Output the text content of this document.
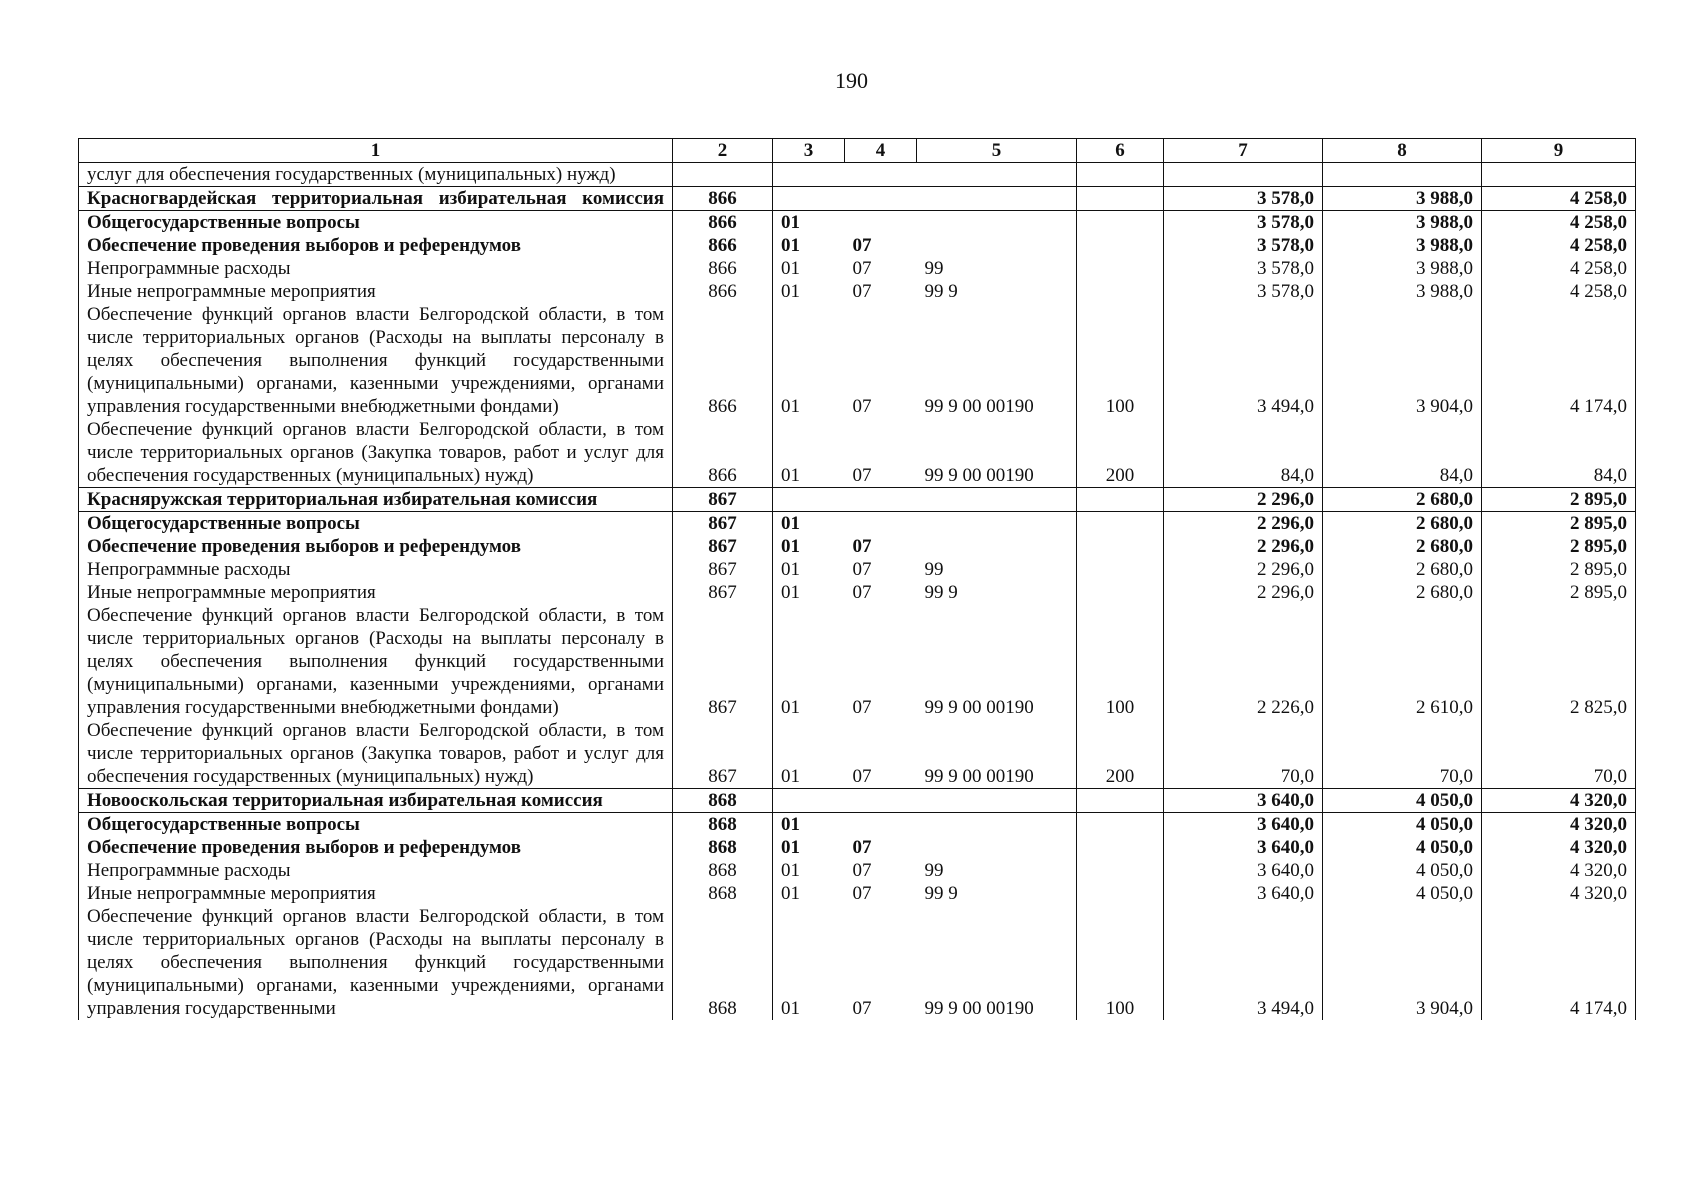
190
1	2	3	4	5	6	7	8	9
услуг для обеспечения государственных (муниципальных) нужд)								
Красногвардейская территориальная избирательная комиссия	866					3 578,0	3 988,0	4 258,0
Общегосударственные вопросы	866	01				3 578,0	3 988,0	4 258,0
Обеспечение проведения выборов и референдумов	866	01	07			3 578,0	3 988,0	4 258,0
Непрограммные расходы	866	01	07	99		3 578,0	3 988,0	4 258,0
Иные непрограммные мероприятия	866	01	07	99 9		3 578,0	3 988,0	4 258,0
Обеспечение функций органов власти Белгородской области, в том числе территориальных органов (Расходы на выплаты персоналу в целях обеспечения выполнения функций государственными (муниципальными) органами, казенными учреждениями, органами управления государственными внебюджетными фондами)	866	01	07	99 9 00 00190	100	3 494,0	3 904,0	4 174,0
Обеспечение функций органов власти Белгородской области, в том числе территориальных органов (Закупка товаров, работ и услуг для обеспечения государственных (муниципальных) нужд)	866	01	07	99 9 00 00190	200	84,0	84,0	84,0
Красняружская территориальная избирательная комиссия	867					2 296,0	2 680,0	2 895,0
Общегосударственные вопросы	867	01				2 296,0	2 680,0	2 895,0
Обеспечение проведения выборов и референдумов	867	01	07			2 296,0	2 680,0	2 895,0
Непрограммные расходы	867	01	07	99		2 296,0	2 680,0	2 895,0
Иные непрограммные мероприятия	867	01	07	99 9		2 296,0	2 680,0	2 895,0
Обеспечение функций органов власти Белгородской области, в том числе территориальных органов (Расходы на выплаты персоналу в целях обеспечения выполнения функций государственными (муниципальными) органами, казенными учреждениями, органами управления государственными внебюджетными фондами)	867	01	07	99 9 00 00190	100	2 226,0	2 610,0	2 825,0
Обеспечение функций органов власти Белгородской области, в том числе территориальных органов (Закупка товаров, работ и услуг для обеспечения государственных (муниципальных) нужд)	867	01	07	99 9 00 00190	200	70,0	70,0	70,0
Новооскольская территориальная избирательная комиссия	868					3 640,0	4 050,0	4 320,0
Общегосударственные вопросы	868	01				3 640,0	4 050,0	4 320,0
Обеспечение проведения выборов и референдумов	868	01	07			3 640,0	4 050,0	4 320,0
Непрограммные расходы	868	01	07	99		3 640,0	4 050,0	4 320,0
Иные непрограммные мероприятия	868	01	07	99 9		3 640,0	4 050,0	4 320,0
Обеспечение функций органов власти Белгородской области, в том числе территориальных органов (Расходы на выплаты персоналу в целях обеспечения выполнения функций государственными (муниципальными) органами, казенными учреждениями, органами управления государственными	868	01	07	99 9 00 00190	100	3 494,0	3 904,0	4 174,0
